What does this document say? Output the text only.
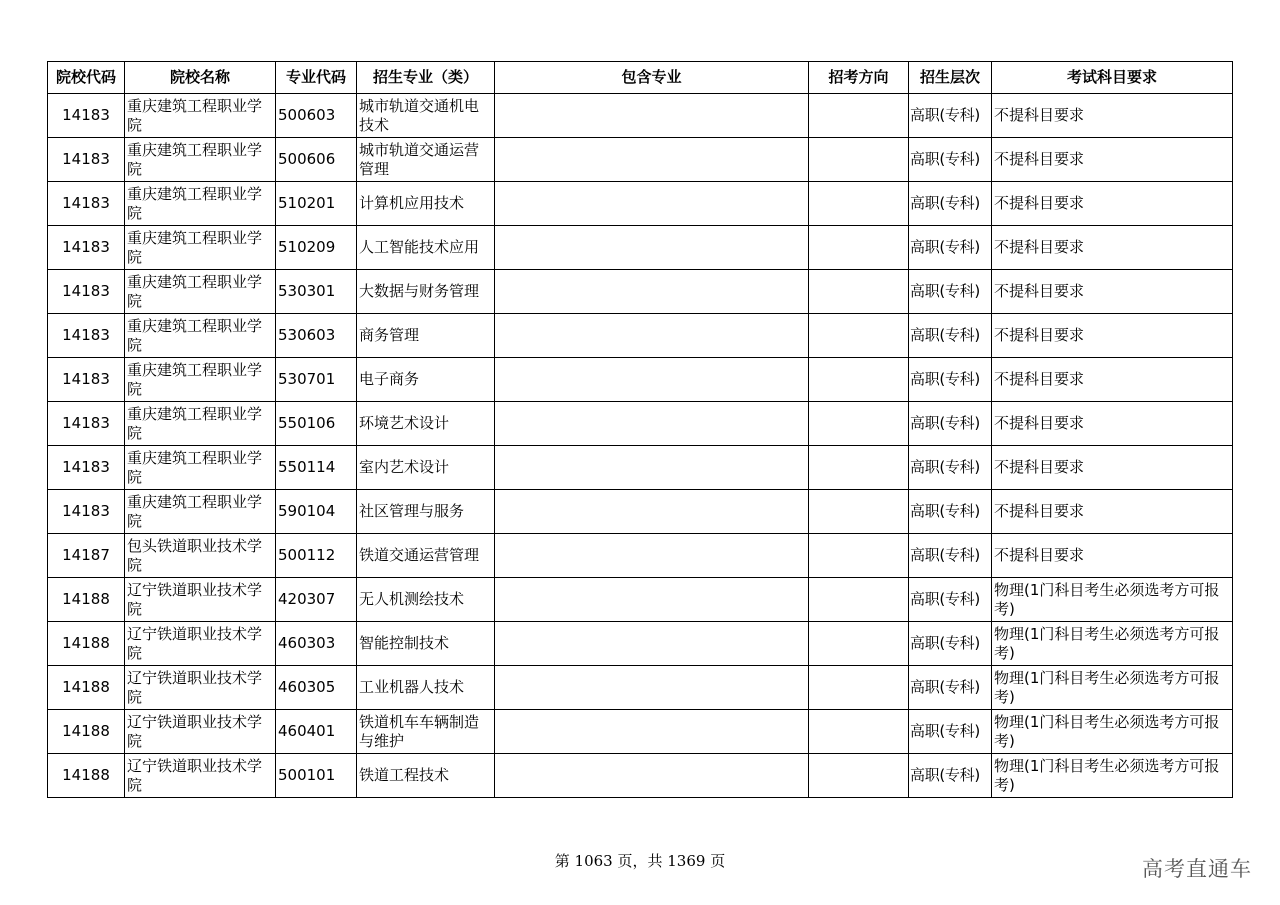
院校代码	院校名称	专业代码	招生专业（类）	包含专业	招考方向	招生层次	考试科目要求
14183	重庆建筑工程职业学院	500603	城市轨道交通机电技术			高职(专科)	不提科目要求
14183	重庆建筑工程职业学院	500606	城市轨道交通运营管理			高职(专科)	不提科目要求
14183	重庆建筑工程职业学院	510201	计算机应用技术			高职(专科)	不提科目要求
14183	重庆建筑工程职业学院	510209	人工智能技术应用			高职(专科)	不提科目要求
14183	重庆建筑工程职业学院	530301	大数据与财务管理			高职(专科)	不提科目要求
14183	重庆建筑工程职业学院	530603	商务管理			高职(专科)	不提科目要求
14183	重庆建筑工程职业学院	530701	电子商务			高职(专科)	不提科目要求
14183	重庆建筑工程职业学院	550106	环境艺术设计			高职(专科)	不提科目要求
14183	重庆建筑工程职业学院	550114	室内艺术设计			高职(专科)	不提科目要求
14183	重庆建筑工程职业学院	590104	社区管理与服务			高职(专科)	不提科目要求
14187	包头铁道职业技术学院	500112	铁道交通运营管理			高职(专科)	不提科目要求
14188	辽宁铁道职业技术学院	420307	无人机测绘技术			高职(专科)	物理(1门科目考生必须选考方可报考)
14188	辽宁铁道职业技术学院	460303	智能控制技术			高职(专科)	物理(1门科目考生必须选考方可报考)
14188	辽宁铁道职业技术学院	460305	工业机器人技术			高职(专科)	物理(1门科目考生必须选考方可报考)
14188	辽宁铁道职业技术学院	460401	铁道机车车辆制造与维护			高职(专科)	物理(1门科目考生必须选考方可报考)
14188	辽宁铁道职业技术学院	500101	铁道工程技术			高职(专科)	物理(1门科目考生必须选考方可报考)
第 1063 页，共 1369 页	高考直通车
